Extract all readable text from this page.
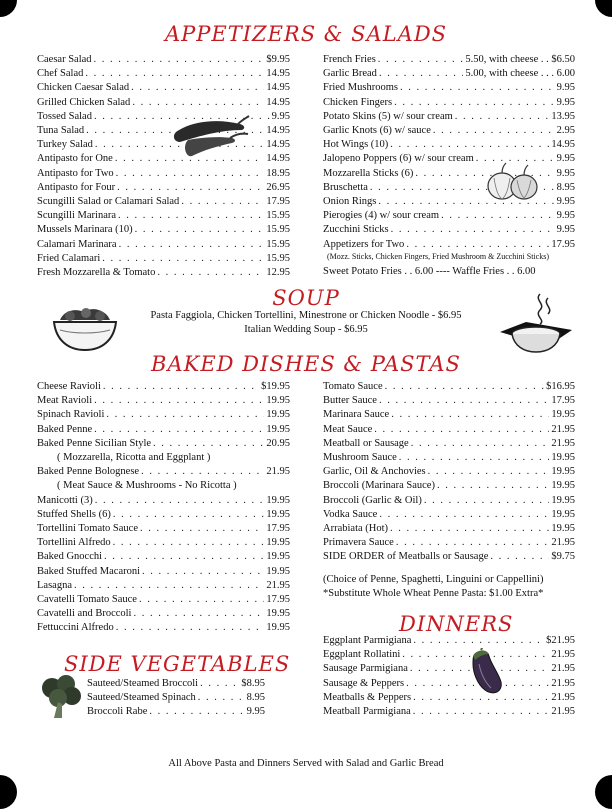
APPETIZERS & SALADS
Caesar Salad . . .	$9.95
Chef Salad . . .	14.95
Chicken Caesar Salad . . .	14.95
Grilled Chicken Salad . . .	14.95
Tossed Salad . . .	9.95
Tuna Salad . . .	14.95
Turkey Salad . . .	14.95
Antipasto for One . . .	14.95
Antipasto for Two . . .	18.95
Antipasto for Four . . .	26.95
Scungilli Salad or Calamari Salad . . .	17.95
Scungilli Marinara . . .	15.95
Mussels Marinara (10) . . .	15.95
Calamari Marinara . . .	15.95
Fried Calamari . . .	15.95
Fresh Mozzarella & Tomato . . .	12.95
French Fries . . .	5.50, with cheese . . $6.50
Garlic Bread . . .	5.00, with cheese . . . 6.00
Fried Mushrooms . . .	9.95
Chicken Fingers . . .	9.95
Potato Skins (5) w/ sour cream . . .	13.95
Garlic Knots (6) w/ sauce . . .	2.95
Hot Wings (10) . . .	14.95
Jalopeno Poppers (6) w/ sour cream . . .	9.95
Mozzarella Sticks (6) . . .	9.95
Bruschetta . . .	8.95
Onion Rings . . .	9.95
Pierogies (4) w/ sour cream . . .	9.95
Zucchini Sticks . . .	9.95
Appetizers for Two . . .	17.95
(Mozz. Sticks, Chicken Fingers, Fried Mushroom & Zucchini Sticks)
Sweet Potato Fries . . 6.00 ---- Waffle Fries . . 6.00
SOUP
Pasta Faggiola, Chicken Tortellini, Minestrone or Chicken Noodle - $6.95
Italian Wedding Soup - $6.95
BAKED DISHES & PASTAS
Cheese Ravioli . . .	$19.95
Meat Ravioli . . .	19.95
Spinach Ravioli . . .	19.95
Baked Penne . . .	19.95
Baked Penne Sicilian Style . . .	20.95
( Mozzarella, Ricotta and Eggplant )
Baked Penne Bolognese . . .	21.95
( Meat Sauce & Mushrooms - No Ricotta )
Manicotti (3) . . .	19.95
Stuffed Shells (6) . . .	19.95
Tortellini Tomato Sauce . . .	17.95
Tortellini Alfredo . . .	19.95
Baked Gnocchi . . .	19.95
Baked Stuffed Macaroni . . .	19.95
Lasagna . . .	21.95
Cavatelli Tomato Sauce . . .	17.95
Cavatelli and Broccoli . . .	19.95
Fettuccini Alfredo . . .	19.95
Tomato Sauce . . .	$16.95
Butter Sauce . . .	17.95
Marinara Sauce . . .	19.95
Meat Sauce . . .	21.95
Meatball or Sausage . . .	21.95
Mushroom Sauce . . .	19.95
Garlic, Oil & Anchovies . . .	19.95
Broccoli (Marinara Sauce) . . .	19.95
Broccoli (Garlic & Oil) . . .	19.95
Vodka Sauce . . .	19.95
Arrabiata (Hot) . . .	19.95
Primavera Sauce . . .	21.95
SIDE ORDER of Meatballs or Sausage . . .	$9.75
(Choice of Penne, Spaghetti, Linguini or Cappellini)
*Substitute Whole Wheat Penne Pasta: $1.00 Extra*
SIDE VEGETABLES
Sauteed/Steamed Broccoli . . .	$8.95
Sauteed/Steamed Spinach . . .	8.95
Broccoli Rabe . . .	9.95
DINNERS
Eggplant Parmigiana . . .	$21.95
Eggplant Rollatini . . .	21.95
Sausage Parmigiana . . .	21.95
Sausage & Peppers . . .	21.95
Meatballs & Peppers . . .	21.95
Meatball Parmigiana . . .	21.95
All Above Pasta and Dinners Served with Salad and Garlic Bread
